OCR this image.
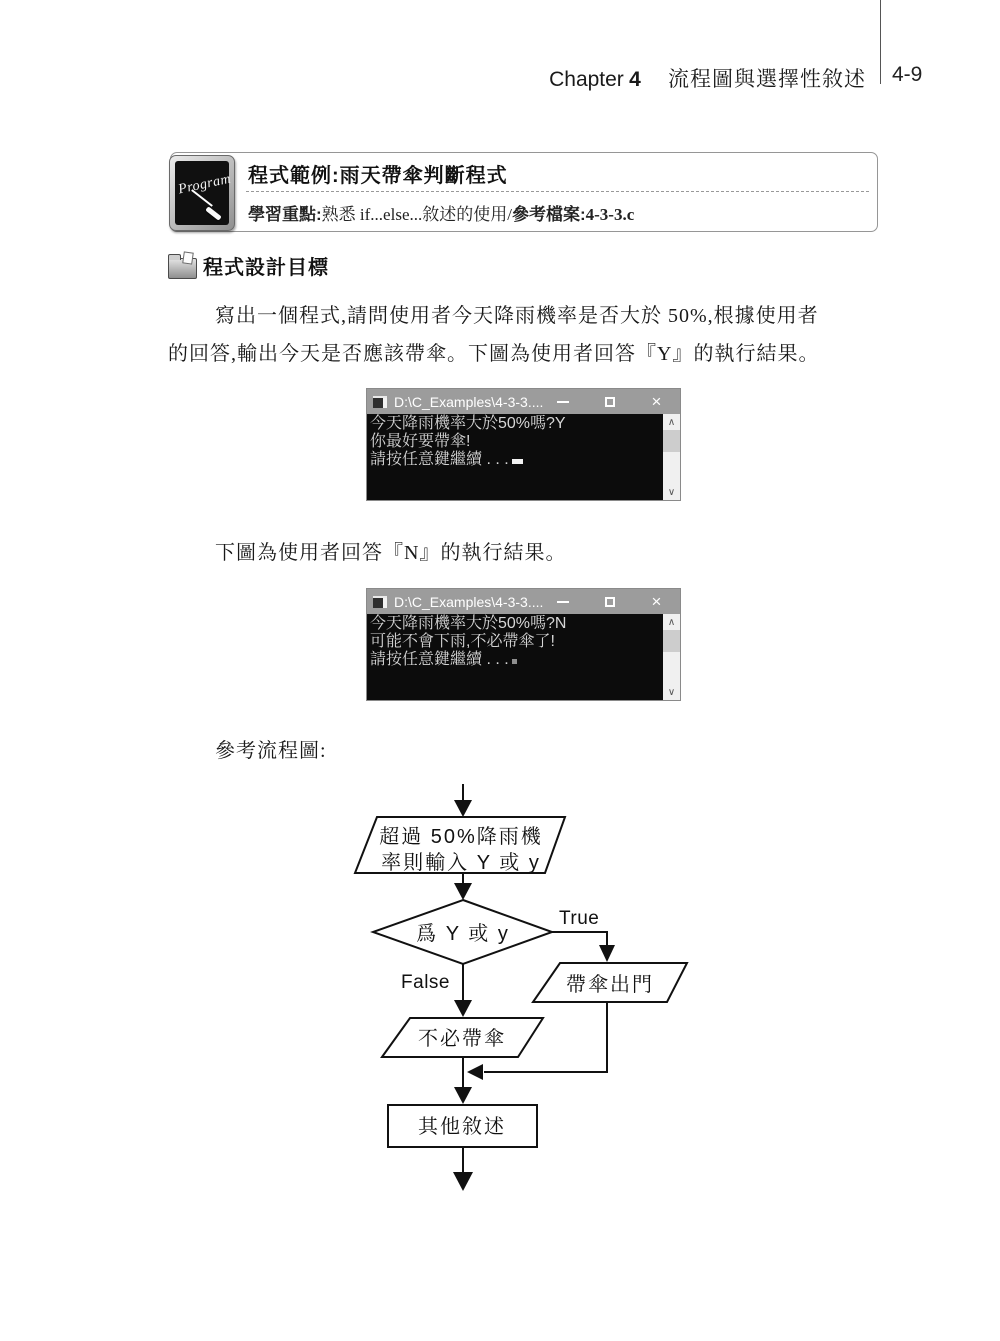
Chapter 4 流程圖與選擇性敘述 4-9
Program 程式範例:雨天帶傘判斷程式
學習重點:熟悉 if...else...敘述的使用/參考檔案:4-3-3.c
程式設計目標
寫出一個程式,請問使用者今天降雨機率是否大於 50%,根據使用者
的回答,輸出今天是否應該帶傘。下圖為使用者回答『Y』的執行結果。
D:\C_Examples\4-3-3....	×
今天降雨機率大於50%嗎?Y
你最好要帶傘!
請按任意鍵繼續 . . .
∧
∨
下圖為使用者回答『N』的執行結果。
D:\C_Examples\4-3-3....	×
今天降雨機率大於50%嗎?N
可能不會下雨,不必帶傘了!
請按任意鍵繼續 . . .
∧
∨
參考流程圖:
超過 50%降雨機
率則輸入 Y 或 y
爲 Y 或 y
True
False	帶傘出門
不必帶傘
其他敘述
